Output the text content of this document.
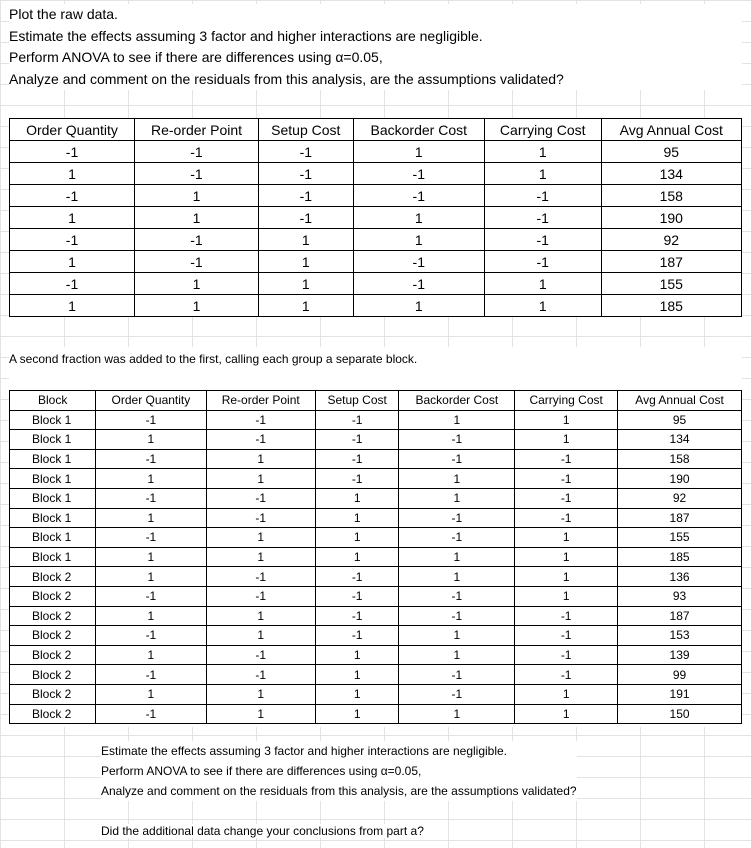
Plot the raw data.
Estimate the effects assuming 3 factor and higher interactions are negligible.
Perform ANOVA to see if there are differences using α=0.05,
Analyze and comment on the residuals from this analysis, are the assumptions validated?
Order Quantity	Re-order Point	Setup Cost	Backorder Cost	Carrying Cost	Avg Annual Cost
-1	-1	-1	1	1	95
1	-1	-1	-1	1	134
-1	1	-1	-1	-1	158
1	1	-1	1	-1	190
-1	-1	1	1	-1	92
1	-1	1	-1	-1	187
-1	1	1	-1	1	155
1	1	1	1	1	185
A second fraction was added to the first, calling each group a separate block.
Block	Order Quantity	Re-order Point	Setup Cost	Backorder Cost	Carrying Cost	Avg Annual Cost
Block 1	-1	-1	-1	1	1	95
Block 1	1	-1	-1	-1	1	134
Block 1	-1	1	-1	-1	-1	158
Block 1	1	1	-1	1	-1	190
Block 1	-1	-1	1	1	-1	92
Block 1	1	-1	1	-1	-1	187
Block 1	-1	1	1	-1	1	155
Block 1	1	1	1	1	1	185
Block 2	1	-1	-1	1	1	136
Block 2	-1	-1	-1	-1	1	93
Block 2	1	1	-1	-1	-1	187
Block 2	-1	1	-1	1	-1	153
Block 2	1	-1	1	1	-1	139
Block 2	-1	-1	1	-1	-1	99
Block 2	1	1	1	-1	1	191
Block 2	-1	1	1	1	1	150
Estimate the effects assuming 3 factor and higher interactions are negligible.
Perform ANOVA to see if there are differences using α=0.05,
Analyze and comment on the residuals from this analysis, are the assumptions validated?
Did the additional data change your conclusions from part a?
